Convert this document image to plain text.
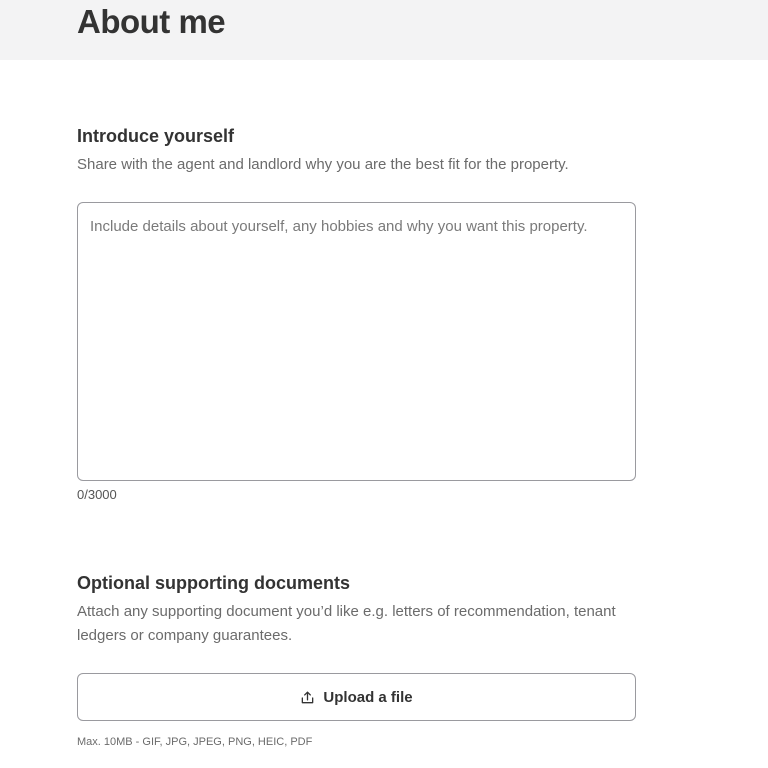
About me
Introduce yourself

Share with the agent and landlord why you are the best fit for the property.

Include details about yourself, any hobbies and why you want this property.
0/3000
Optional supporting documents

Attach any supporting document you’d like e.g. letters of recommendation, tenant ledgers or company guarantees.

Upload a file
Max. 10MB - GIF, JPG, JPEG, PNG, HEIC, PDF
